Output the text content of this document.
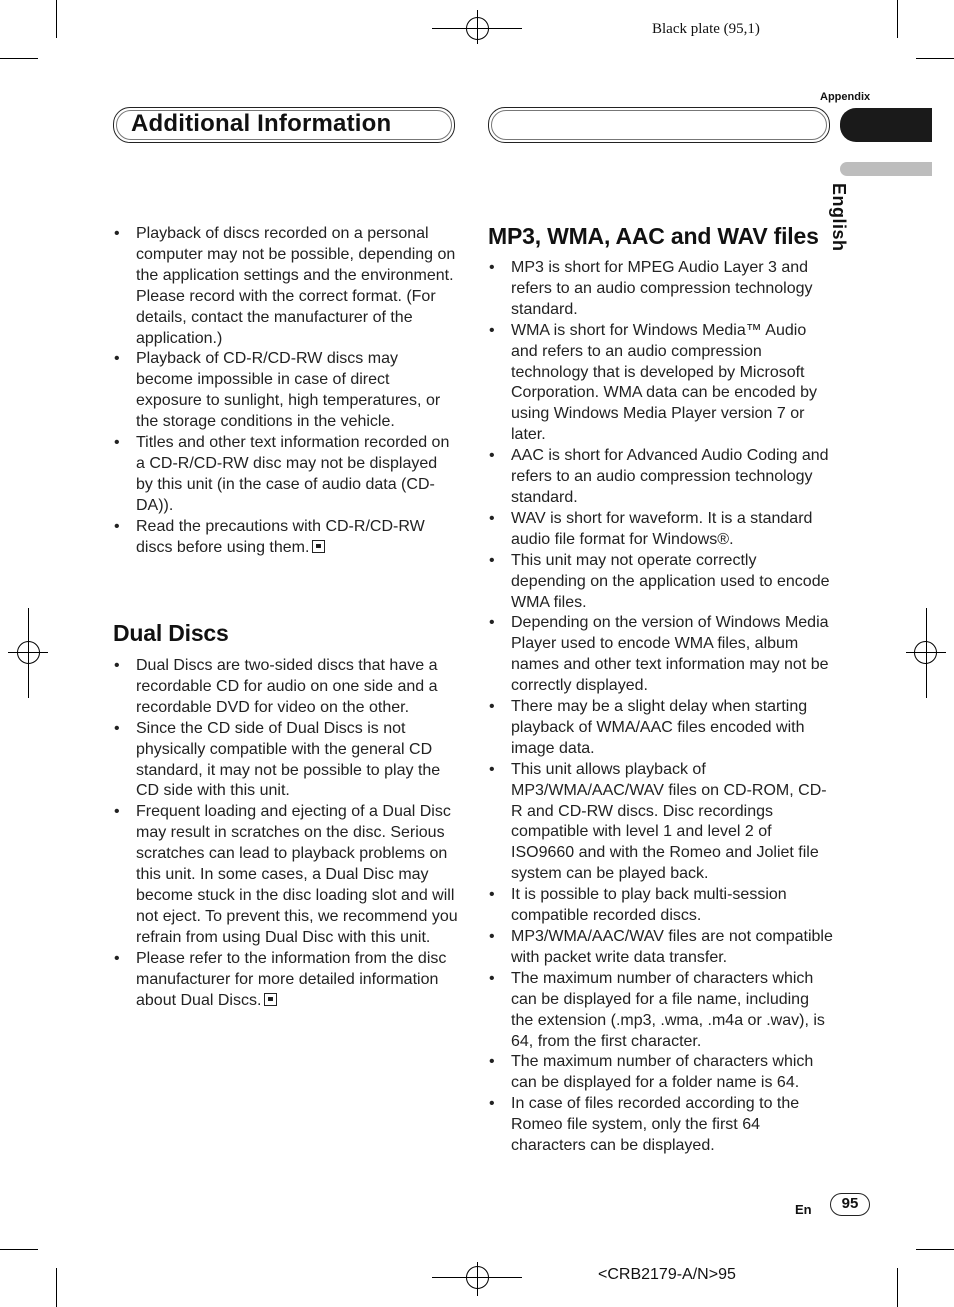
Black plate (95,1)
Appendix
Additional Information
English
• Playback of discs recorded on a personal computer may not be possible, depending on the application settings and the environment. Please record with the correct format. (For details, contact the manufacturer of the application.)
• Playback of CD-R/CD-RW discs may become impossible in case of direct exposure to sunlight, high temperatures, or the storage conditions in the vehicle.
• Titles and other text information recorded on a CD-R/CD-RW disc may not be displayed by this unit (in the case of audio data (CD-DA)).
• Read the precautions with CD-R/CD-RW discs before using them.
Dual Discs
• Dual Discs are two-sided discs that have a recordable CD for audio on one side and a recordable DVD for video on the other.
• Since the CD side of Dual Discs is not physically compatible with the general CD standard, it may not be possible to play the CD side with this unit.
• Frequent loading and ejecting of a Dual Disc may result in scratches on the disc. Serious scratches can lead to playback problems on this unit. In some cases, a Dual Disc may become stuck in the disc loading slot and will not eject. To prevent this, we recommend you refrain from using Dual Disc with this unit.
• Please refer to the information from the disc manufacturer for more detailed information about Dual Discs.
MP3, WMA, AAC and WAV files
• MP3 is short for MPEG Audio Layer 3 and refers to an audio compression technology standard.
• WMA is short for Windows Media™ Audio and refers to an audio compression technology that is developed by Microsoft Corporation. WMA data can be encoded by using Windows Media Player version 7 or later.
• AAC is short for Advanced Audio Coding and refers to an audio compression technology standard.
• WAV is short for waveform. It is a standard audio file format for Windows®.
• This unit may not operate correctly depending on the application used to encode WMA files.
• Depending on the version of Windows Media Player used to encode WMA files, album names and other text information may not be correctly displayed.
• There may be a slight delay when starting playback of WMA/AAC files encoded with image data.
• This unit allows playback of MP3/WMA/AAC/WAV files on CD-ROM, CD-R and CD-RW discs. Disc recordings compatible with level 1 and level 2 of ISO9660 and with the Romeo and Joliet file system can be played back.
• It is possible to play back multi-session compatible recorded discs.
• MP3/WMA/AAC/WAV files are not compatible with packet write data transfer.
• The maximum number of characters which can be displayed for a file name, including the extension (.mp3, .wma, .m4a or .wav), is 64, from the first character.
• The maximum number of characters which can be displayed for a folder name is 64.
• In case of files recorded according to the Romeo file system, only the first 64 characters can be displayed.
En	95
<CRB2179-A/N>95
